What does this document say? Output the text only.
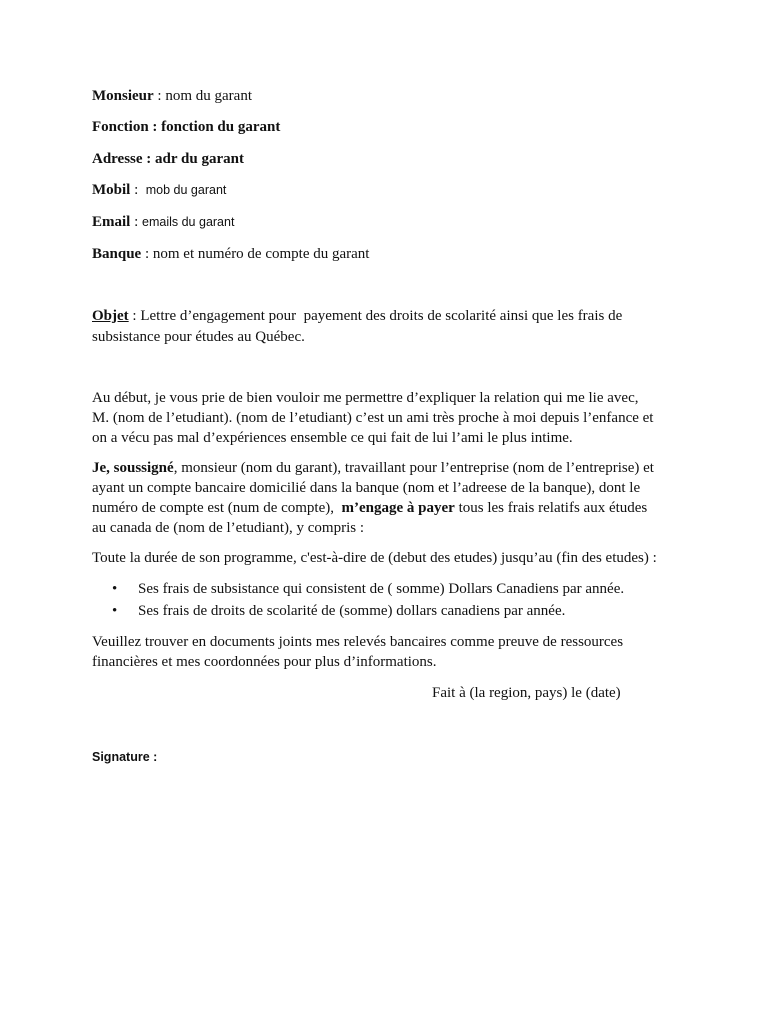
Monsieur : nom du garant
Fonction : fonction du garant
Adresse : adr du garant
Mobil :  mob du garant
Email : emails du garant
Banque : nom et numéro de compte du garant
Objet : Lettre d’engagement pour  payement des droits de scolarité ainsi que les frais de
subsistance pour études au Québec.
Au début, je vous prie de bien vouloir me permettre d’expliquer la relation qui me lie avec,
M. (nom de l’etudiant). (nom de l’etudiant) c’est un ami très proche à moi depuis l’enfance et
on a vécu pas mal d’expériences ensemble ce qui fait de lui l’ami le plus intime.
Je, soussigné, monsieur (nom du garant), travaillant pour l’entreprise (nom de l’entreprise) et
ayant un compte bancaire domicilié dans la banque (nom et l’adreese de la banque), dont le
numéro de compte est (num de compte),  m’engage à payer tous les frais relatifs aux études
au canada de (nom de l’etudiant), y compris :
Toute la durée de son programme, c'est-à-dire de (debut des etudes) jusqu’au (fin des etudes) :
• Ses frais de subsistance qui consistent de ( somme) Dollars Canadiens par année.
• Ses frais de droits de scolarité de (somme) dollars canadiens par année.
Veuillez trouver en documents joints mes relevés bancaires comme preuve de ressources
financières et mes coordonnées pour plus d’informations.
Fait à (la region, pays) le (date)
Signature :
